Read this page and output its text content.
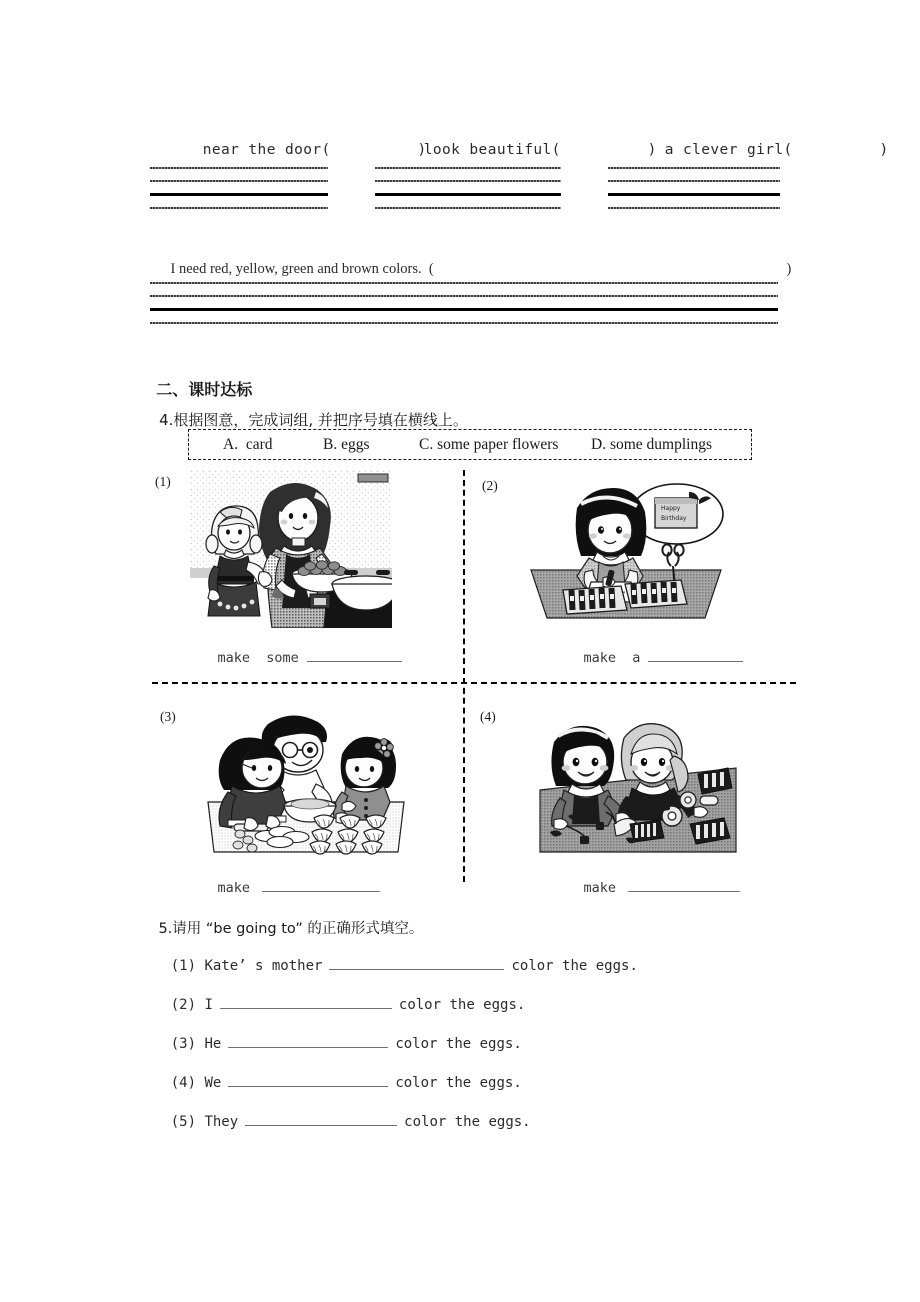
near the door(          )

look beautiful(          )
a clever girl(          )

I need red, yellow, green and brown colors.  (
	)

二、课时达标

4.根据图意，完成词组, 并把序号填在横线上。

A.  card	B. eggs	C. some paper flowers D. some dumplings
(1)

make  some

(2)
Happy
Birthday

make  a

(3)

make

(4)

make

5.请用 “be going to” 的正确形式填空。

(1) Kate’ s mother	color the eggs.

(2) I	color the eggs.

(3) He	color the eggs.

(4) We	color the eggs.

(5) They	color the eggs.
